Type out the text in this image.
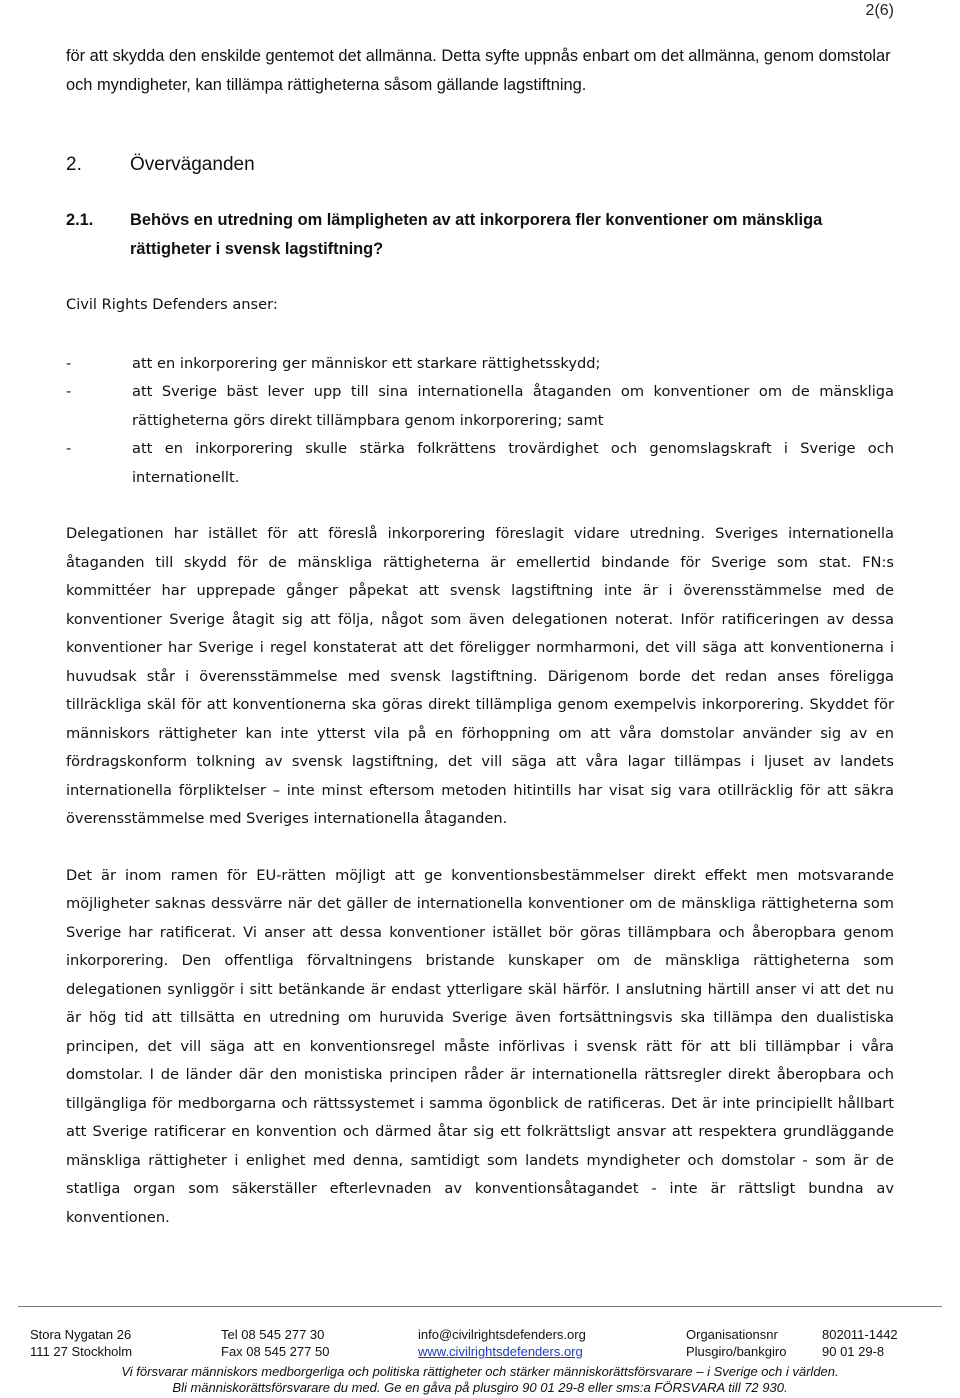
2(6)

för att skydda den enskilde gentemot det allmänna. Detta syfte uppnås enbart om det allmänna, genom domstolar och myndigheter, kan tillämpa rättigheterna såsom gällande lagstiftning.

2.	Överväganden
2.1.	Behövs en utredning om lämpligheten av att inkorporera fler konventioner om mänskliga rättigheter i svensk lagstiftning?

Civil Rights Defenders anser:

-	att en inkorporering ger människor ett starkare rättighetsskydd;
-	att Sverige bäst lever upp till sina internationella åtaganden om konventioner om de mänskliga rättigheterna görs direkt tillämpbara genom inkorporering; samt
-	att en inkorporering skulle stärka folkrättens trovärdighet och genomslagskraft i Sverige och internationellt.

Delegationen har istället för att föreslå inkorporering föreslagit vidare utredning. Sveriges internationella åtaganden till skydd för de mänskliga rättigheterna är emellertid bindande för Sverige som stat. FN:s kommittéer har upprepade gånger påpekat att svensk lagstiftning inte är i överensstämmelse med de konventioner Sverige åtagit sig att följa, något som även delegationen noterat. Inför ratificeringen av dessa konventioner har Sverige i regel konstaterat att det föreligger normharmoni, det vill säga att konventionerna i huvudsak står i överensstämmelse med svensk lagstiftning. Därigenom borde det redan anses föreligga tillräckliga skäl för att konventionerna ska göras direkt tillämpliga genom exempelvis inkorporering. Skyddet för människors rättigheter kan inte ytterst vila på en förhoppning om att våra domstolar använder sig av en fördragskonform tolkning av svensk lagstiftning, det vill säga att våra lagar tillämpas i ljuset av landets internationella förpliktelser – inte minst eftersom metoden hitintills har visat sig vara otillräcklig för att säkra överensstämmelse med Sveriges internationella åtaganden.

Det är inom ramen för EU-rätten möjligt att ge konventionsbestämmelser direkt effekt men motsvarande möjligheter saknas dessvärre när det gäller de internationella konventioner om de mänskliga rättigheterna som Sverige har ratificerat. Vi anser att dessa konventioner istället bör göras tillämpbara och åberopbara genom inkorporering. Den offentliga förvaltningens bristande kunskaper om de mänskliga rättigheterna som delegationen synliggör i sitt betänkande är endast ytterligare skäl härför. I anslutning härtill anser vi att det nu är hög tid att tillsätta en utredning om huruvida Sverige även fortsättningsvis ska tillämpa den dualistiska principen, det vill säga att en konventionsregel måste införlivas i svensk rätt för att bli tillämpbar i våra domstolar. I de länder där den monistiska principen råder är internationella rättsregler direkt åberopbara och tillgängliga för medborgarna och rättssystemet i samma ögonblick de ratificeras. Det är inte principiellt hållbart att Sverige ratificerar en konvention och därmed åtar sig ett folkrättsligt ansvar att respektera grundläggande mänskliga rättigheter i enlighet med denna, samtidigt som landets myndigheter och domstolar - som är de statliga organ som säkerställer efterlevnaden av konventionsåtagandet - inte är rättsligt bundna av konventionen.

Stora Nygatan 26	Tel 08 545 277 30	info@civilrightsdefenders.org	Organisationsnr	802011-1442
111 27 Stockholm	Fax 08 545 277 50	www.civilrightsdefenders.org	Plusgiro/bankgiro	90 01 29-8
Vi försvarar människors medborgerliga och politiska rättigheter och stärker människorättsförsvarare – i Sverige och i världen.
Bli människorättsförsvarare du med. Ge en gåva på plusgiro 90 01 29-8 eller sms:a FÖRSVARA till 72 930.
